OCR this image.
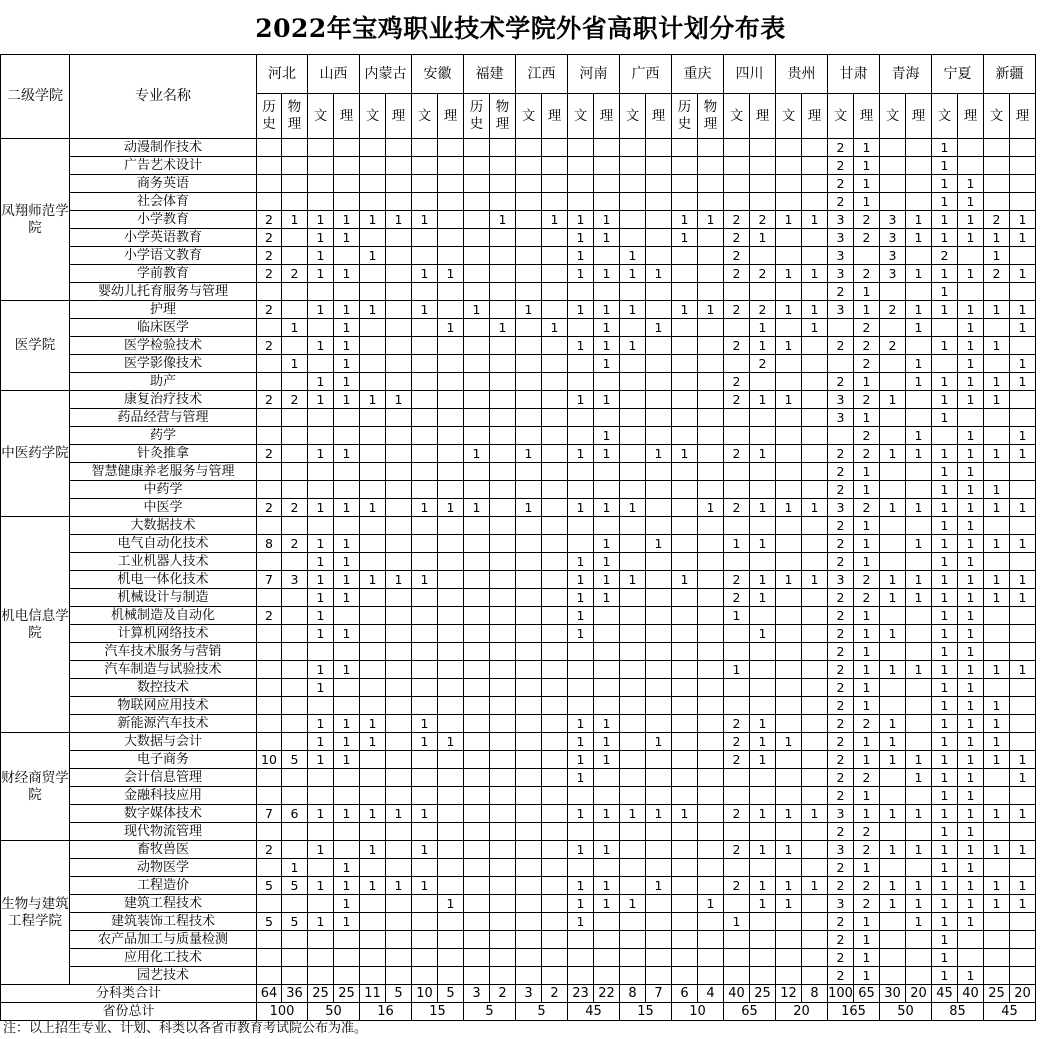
2022年宝鸡职业技术学院外省高职计划分布表
二级学院	专业名称	河北		山西		内蒙古		安徽		福建		江西		河南		广西		重庆		四川		贵州		甘肃		青海		宁夏		新疆	
		历史	物理	文	理	文	理	文	理	历史	物理	文	理	文	理	文	理	历史	物理	文	理	文	理	文	理	文	理	文	理	文	理
凤翔师范学院	动漫制作技术																							2	1			1			
	广告艺术设计																							2	1			1			
	商务英语																							2	1			1	1		
	社会体育																							2	1			1	1		
	小学教育	2	1	1	1	1	1	1			1		1	1	1			1	1	2	2	1	1	3	2	3	1	1	1	2	1
	小学英语教育	2		1	1									1	1			1		2	1			3	2	3	1	1	1	1	1
	小学语文教育	2		1		1								1		1				2				3		3		2		1	
	学前教育	2	2	1	1			1	1					1	1	1	1			2	2	1	1	3	2	3	1	1	1	2	1
	婴幼儿托育服务与管理																							2	1			1			
医学院	护理	2		1	1	1		1		1		1		1	1	1		1	1	2	2	1	1	3	1	2	1	1	1	1	1
	临床医学		1		1				1		1		1		1		1				1		1		2		1		1		1
	医学检验技术	2		1	1									1	1	1				2	1	1		2	2	2		1	1	1	
	医学影像技术		1		1										1						2				2		1		1		1
	助产			1	1															2				2	1		1	1	1	1	1
中医药学院	康复治疗技术	2	2	1	1	1	1							1	1					2	1	1		3	2	1		1	1	1	
	药品经营与管理																							3	1			1			
	药学														1										2		1		1		1
	针灸推拿	2		1	1					1		1		1	1		1	1		2	1			2	2	1	1	1	1	1	1
	智慧健康养老服务与管理																							2	1			1	1		
	中药学																							2	1			1	1	1	
	中医学	2	2	1	1	1		1	1	1		1		1	1	1			1	2	1	1	1	3	2	1	1	1	1	1	1
机电信息学院	大数据技术																							2	1			1	1		
	电气自动化技术	8	2	1	1										1		1			1	1			2	1		1	1	1	1	1
	工业机器人技术			1	1									1	1									2	1			1	1		
	机电一体化技术	7	3	1	1	1	1	1						1	1	1		1		2	1	1	1	3	2	1	1	1	1	1	1
	机械设计与制造			1	1									1	1					2	1			2	2	1	1	1	1	1	1
	机械制造及自动化	2		1										1						1				2	1			1	1		
	计算机网络技术			1	1									1							1			2	1	1		1	1		
	汽车技术服务与营销																							2	1			1	1		
	汽车制造与试验技术			1	1															1				2	1	1	1	1	1	1	1
	数控技术			1																				2	1			1	1		
	物联网应用技术																							2	1			1	1	1	
	新能源汽车技术			1	1	1		1						1	1					2	1			2	2	1		1	1	1	
财经商贸学院	大数据与会计			1	1	1		1	1					1	1		1			2	1	1		2	1	1		1	1	1	
	电子商务	10	5	1	1									1	1					2	1			2	1	1	1	1	1	1	1
	会计信息管理													1										2	2		1	1	1		1
	金融科技应用																							2	1			1	1		
	数字媒体技术	7	6	1	1	1	1	1						1	1	1	1	1		2	1	1	1	3	1	1	1	1	1	1	1
	现代物流管理																							2	2			1	1		
生物与建筑工程学院	畜牧兽医	2		1		1		1						1	1					2	1	1		3	2	1	1	1	1	1	1
	动物医学		1		1																			2	1			1	1		
	工程造价	5	5	1	1	1	1	1						1	1		1			2	1	1	1	2	2	1	1	1	1	1	1
	建筑工程技术				1				1					1	1	1			1		1	1		3	2	1	1	1	1	1	1
	建筑装饰工程技术	5	5	1	1									1						1				2	1		1	1	1		
	农产品加工与质量检测																							2	1			1			
	应用化工技术																							2	1			1			
	园艺技术																							2	1			1	1		
分科类合计		64	36	25	25	11	5	10	5	3	2	3	2	23	22	8	7	6	4	40	25	12	8	100	65	30	20	45	40	25	20
省份总计		100		50		16		15		5		5		45		15		10		65		20		165		50		85		45	
注：以上招生专业、计划、科类以各省市教育考试院公布为准。
